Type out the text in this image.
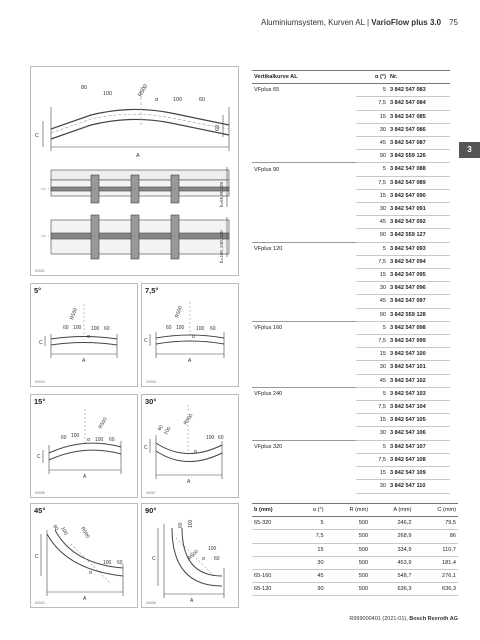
Aluminiumsystem, Kurven AL | VarioFlow plus 3.0 75
3
80
100	R500
α	100	60
C
69
A
b=65,90,120
b=160, 240, 320
00001
R500
60 100 100 60
α
C
A
5°
00003
R500
60 100 100 60
α
C
A
7,5°
00004
R500
60 100
α 100 60
C
A
15°
00005
60
100
R500
α
100 60
C
A
30°
00007
60 100 R500
α
100 60
C
A
45°
00002
60 100
R500 α
100
60
C
A
90°
00006
Vertikalkurve AL	α (°)	Nr.
VFplus 65	5	3 842 547 083
	7,5	3 842 547 084
	15	3 842 547 085
	30	3 842 547 086
	45	3 842 547 087
	90	3 842 559 126
VFplus 90	5	3 842 547 088
	7,5	3 842 547 089
	15	3 842 547 090
	30	3 842 547 091
	45	3 842 547 092
	90	3 842 559 127
VFplus 120	5	3 842 547 093
	7,5	3 842 547 094
	15	3 842 547 095
	30	3 842 547 096
	45	3 842 547 097
	90	3 842 559 128
VFplus 160	5	3 842 547 098
	7,5	3 842 547 099
	15	3 842 547 100
	30	3 842 547 101
	45	3 842 547 102
VFplus 240	5	3 842 547 103
	7,5	3 842 547 104
	15	3 842 547 105
	30	3 842 547 106
VFplus 320	5	3 842 547 107
	7,5	3 842 547 108
	15	3 842 547 109
	30	3 842 547 110
b (mm)	α (°)	R (mm)	A (mm)	C (mm)
65-320	5	500	246,2	79,5
	7,5	500	268,9	86
	15	500	334,9	110,7
	30	500	453,9	181,4
65-160	45	500	548,7	276,1
65-120	90	500	636,3	636,3
R999000401 (2021-01), Bosch Rexroth AG
